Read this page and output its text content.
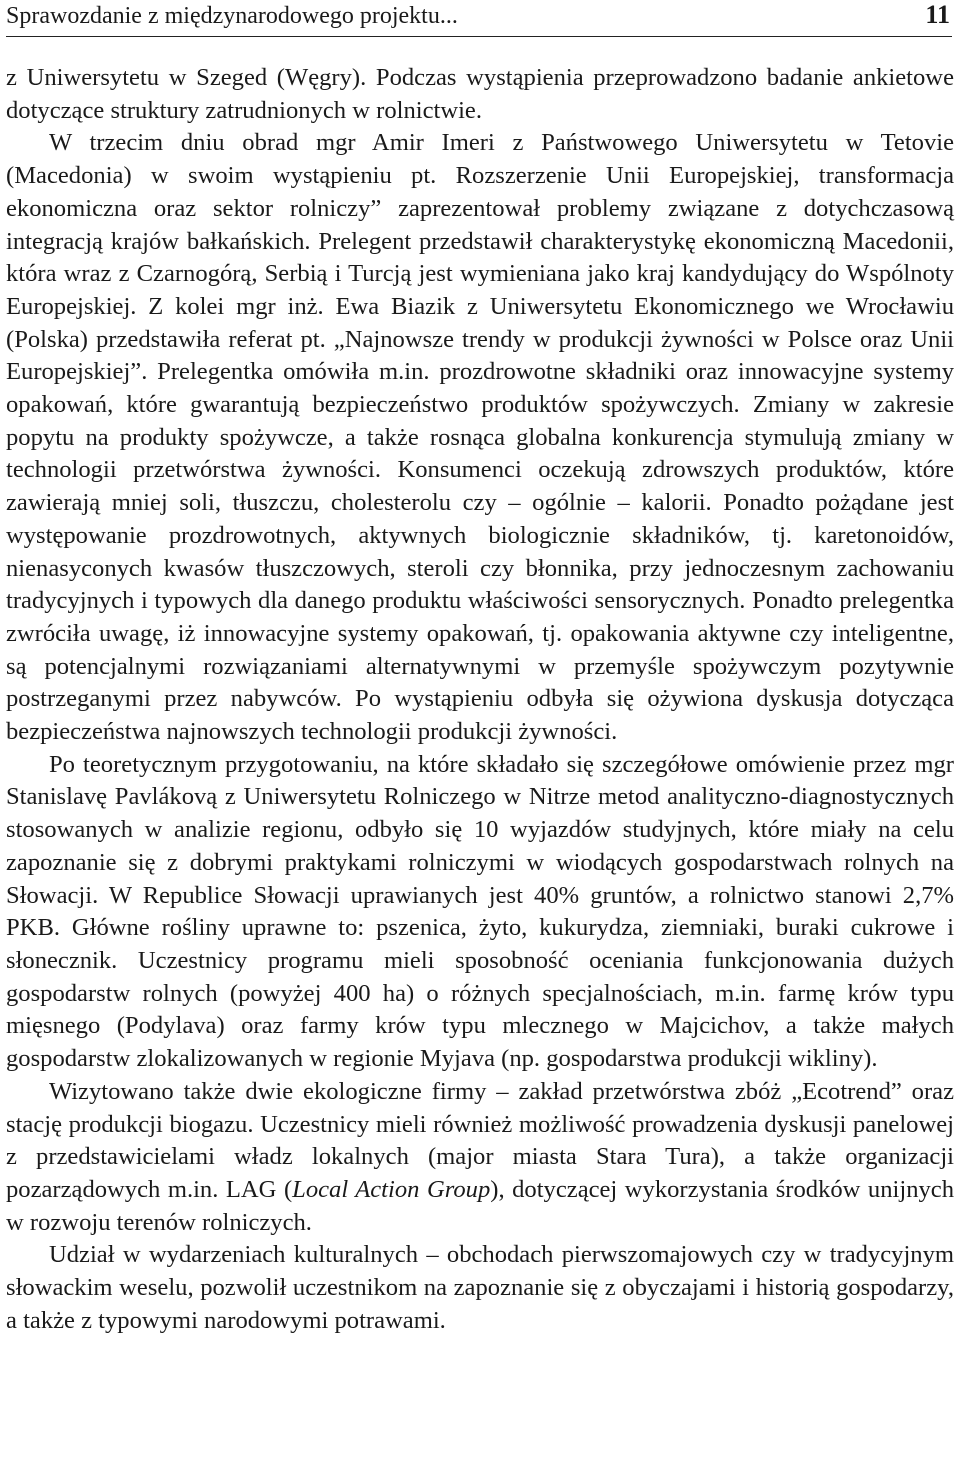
Sprawozdanie z międzynarodowego projektu...	11

z Uniwersytetu w Szeged (Węgry). Podczas wystąpienia przeprowadzono badanie ankietowe dotyczące struktury zatrudnionych w rolnictwie.

W trzecim dniu obrad mgr Amir Imeri z Państwowego Uniwersytetu w Tetovie (Macedonia) w swoim wystąpieniu pt. Rozszerzenie Unii Europejskiej, transformacja ekonomiczna oraz sektor rolniczy” zaprezentował problemy związane z dotychczasową integracją krajów bałkańskich. Prelegent przedstawił charakterystykę ekonomiczną Macedonii, która wraz z Czarnogórą, Serbią i Turcją jest wymieniana jako kraj kandydujący do Wspólnoty Europejskiej. Z kolei mgr inż. Ewa Biazik z Uniwersytetu Ekonomicznego we Wrocławiu (Polska) przedstawiła referat pt. „Najnowsze trendy w produkcji żywności w Polsce oraz Unii Europejskiej”. Prelegentka omówiła m.in. prozdrowotne składniki oraz innowacyjne systemy opakowań, które gwarantują bezpieczeństwo produktów spożywczych. Zmiany w zakresie popytu na produkty spożywcze, a także rosnąca globalna konkurencja stymulują zmiany w technologii przetwórstwa żywności. Konsumenci oczekują zdrowszych produktów, które zawierają mniej soli, tłuszczu, cholesterolu czy – ogólnie – kalorii. Ponadto pożądane jest występowanie prozdrowotnych, aktywnych biologicznie składników, tj. karetonoidów, nienasyconych kwasów tłuszczowych, steroli czy błonnika, przy jednoczesnym zachowaniu tradycyjnych i typowych dla danego produktu właściwości sensorycznych. Ponadto prelegentka zwróciła uwagę, iż innowacyjne systemy opakowań, tj. opakowania aktywne czy inteligentne, są potencjalnymi rozwiązaniami alternatywnymi w przemyśle spożywczym pozytywnie postrzeganymi przez nabywców. Po wystąpieniu odbyła się ożywiona dyskusja dotycząca bezpieczeństwa najnowszych technologii produkcji żywności.

Po teoretycznym przygotowaniu, na które składało się szczegółowe omówienie przez mgr Stanislavę Pavlákovą z Uniwersytetu Rolniczego w Nitrze metod analityczno-diagnostycznych stosowanych w analizie regionu, odbyło się 10 wyjazdów studyjnych, które miały na celu zapoznanie się z dobrymi praktykami rolniczymi w wiodących gospodarstwach rolnych na Słowacji. W Republice Słowacji uprawianych jest 40% gruntów, a rolnictwo stanowi 2,7% PKB. Główne rośliny uprawne to: pszenica, żyto, kukurydza, ziemniaki, buraki cukrowe i słonecznik. Uczestnicy programu mieli sposobność oceniania funkcjonowania dużych gospodarstw rolnych (powyżej 400 ha) o różnych specjalnościach, m.in. farmę krów typu mięsnego (Podylava) oraz farmy krów typu mlecznego w Majcichov, a także małych gospodarstw zlokalizowanych w regionie Myjava (np. gospodarstwa produkcji wikliny).

Wizytowano także dwie ekologiczne firmy – zakład przetwórstwa zbóż „Ecotrend” oraz stację produkcji biogazu. Uczestnicy mieli również możliwość prowadzenia dyskusji panelowej z przedstawicielami władz lokalnych (major miasta Stara Tura), a także organizacji pozarządowych m.in. LAG (Local Action Group), dotyczącej wykorzystania środków unijnych w rozwoju terenów rolniczych.

Udział w wydarzeniach kulturalnych – obchodach pierwszomajowych czy w tradycyjnym słowackim weselu, pozwolił uczestnikom na zapoznanie się z obyczajami i historią gospodarzy, a także z typowymi narodowymi potrawami.
